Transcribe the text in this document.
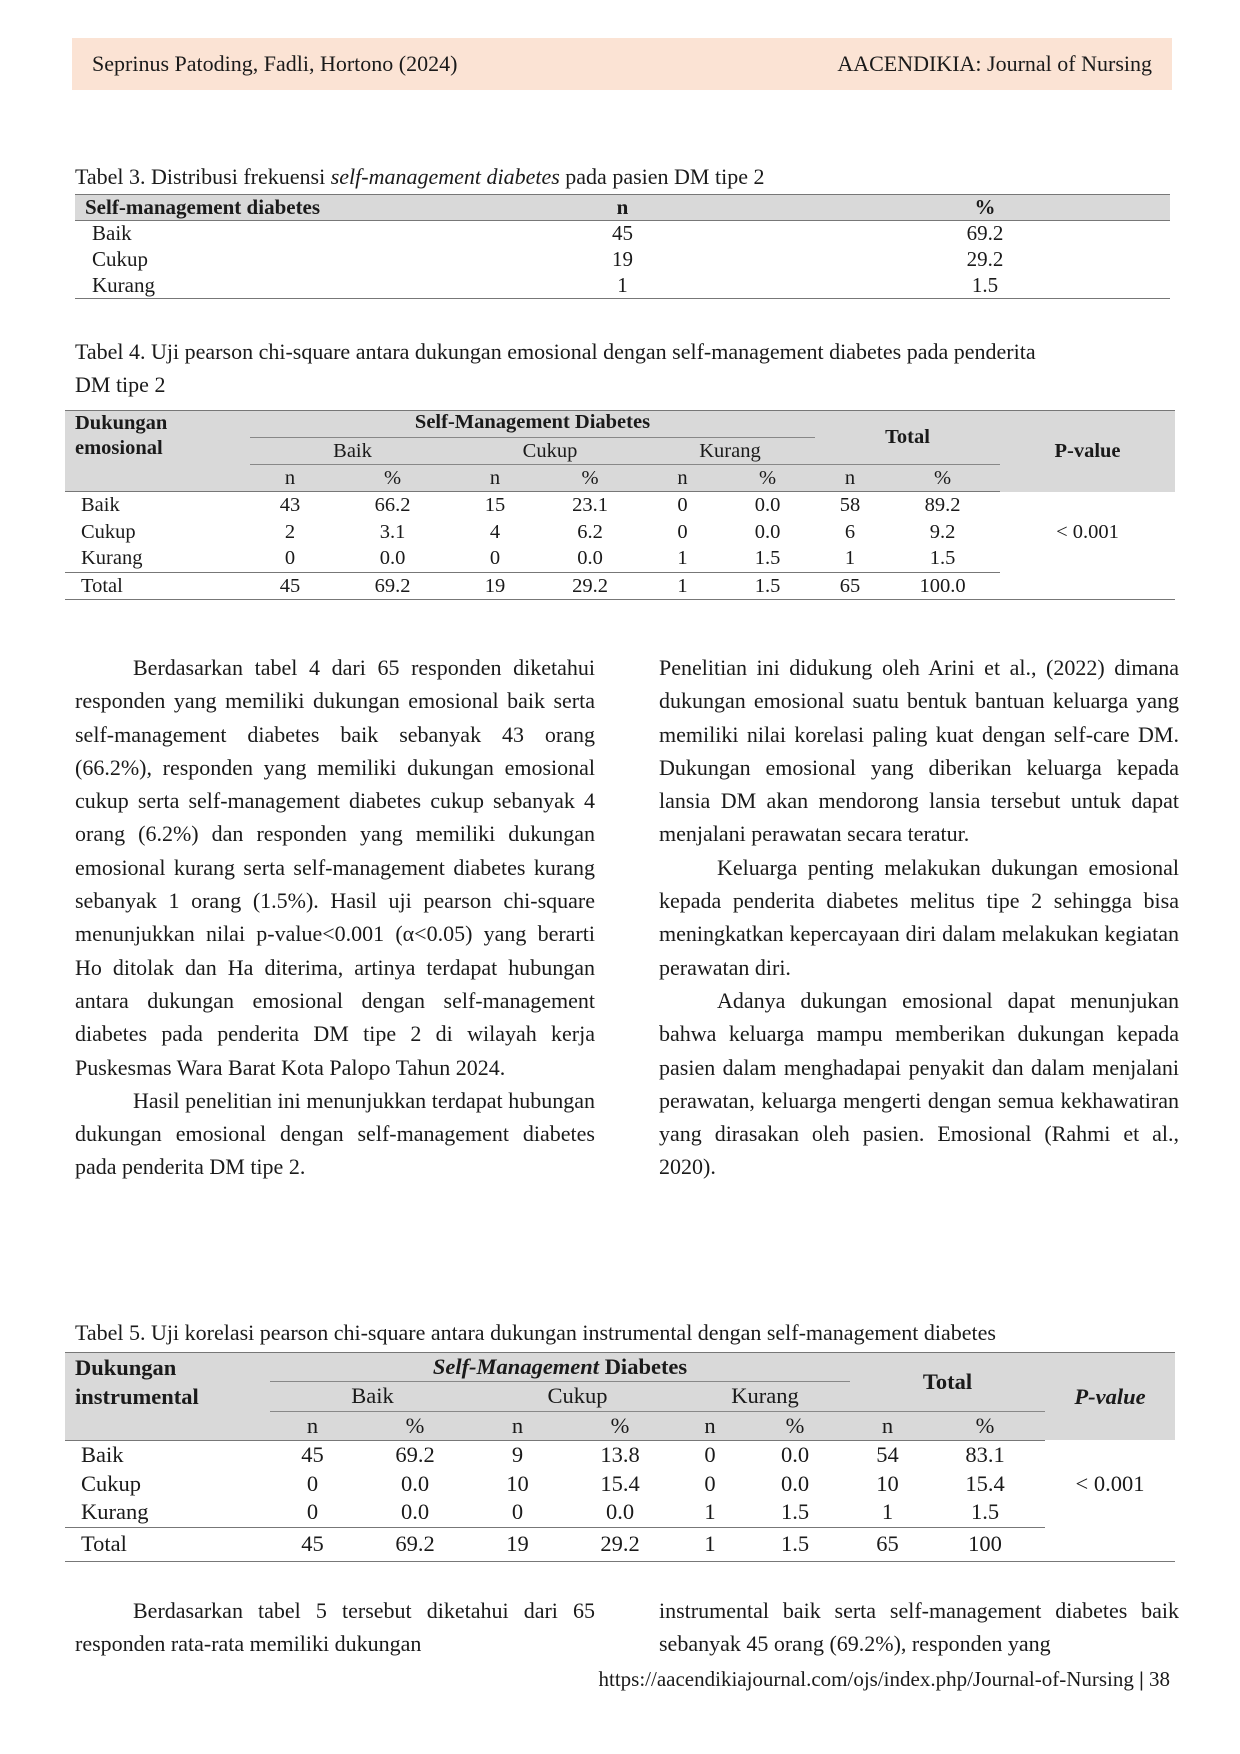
Seprinus Patoding, Fadli, Hortono (2024)	AACENDIKIA: Journal of Nursing
Tabel 3. Distribusi frekuensi self-management diabetes pada pasien DM tipe 2
Self-management diabetes	n	%
Baik	45	69.2
Cukup	19	29.2
Kurang	1	1.5
Tabel 4. Uji pearson chi-square antara dukungan emosional dengan self-management diabetes pada penderita
DM tipe 2
Dukungan
emosional	Self-Management Diabetes						Total		P-value
	Baik		Cukup		Kurang				
	n	%	n	%	n	%	n	%	
Baik	43	66.2	15	23.1	0	0.0	58	89.2	< 0.001
Cukup	2	3.1	4	6.2	0	0.0	6	9.2	
Kurang	0	0.0	0	0.0	1	1.5	1	1.5	
Total	45	69.2	19	29.2	1	1.5	65	100.0	

Berdasarkan tabel 4 dari 65 responden diketahui responden yang memiliki dukungan emosional baik serta self-management diabetes baik sebanyak 43 orang (66.2%), responden yang memiliki dukungan emosional cukup serta self-management diabetes cukup sebanyak 4 orang (6.2%) dan responden yang memiliki dukungan emosional kurang serta self-management diabetes kurang sebanyak 1 orang (1.5%). Hasil uji pearson chi-square menunjukkan nilai p-value<0.001 (α<0.05) yang berarti Ho ditolak dan Ha diterima, artinya terdapat hubungan antara dukungan emosional dengan self-management diabetes pada penderita DM tipe 2 di wilayah kerja Puskesmas Wara Barat Kota Palopo Tahun 2024.

Hasil penelitian ini menunjukkan terdapat hubungan dukungan emosional dengan self-management diabetes pada penderita DM tipe 2.

Penelitian ini didukung oleh Arini et al., (2022) dimana dukungan emosional suatu bentuk bantuan keluarga yang memiliki nilai korelasi paling kuat dengan self-care DM. Dukungan emosional yang diberikan keluarga kepada lansia DM akan mendorong lansia tersebut untuk dapat menjalani perawatan secara teratur.

Keluarga penting melakukan dukungan emosional kepada penderita diabetes melitus tipe 2 sehingga bisa meningkatkan kepercayaan diri dalam melakukan kegiatan perawatan diri.

Adanya dukungan emosional dapat menunjukan bahwa keluarga mampu memberikan dukungan kepada pasien dalam menghadapai penyakit dan dalam menjalani perawatan, keluarga mengerti dengan semua kekhawatiran yang dirasakan oleh pasien. Emosional (Rahmi et al., 2020).

Tabel 5. Uji korelasi pearson chi-square antara dukungan instrumental dengan self-management diabetes
Dukungan
instrumental	Self-Management Diabetes						Total		P-value
	Baik		Cukup		Kurang				
	n	%	n	%	n	%	n	%	
Baik	45	69.2	9	13.8	0	0.0	54	83.1	< 0.001
Cukup	0	0.0	10	15.4	0	0.0	10	15.4	
Kurang	0	0.0	0	0.0	1	1.5	1	1.5	
Total	45	69.2	19	29.2	1	1.5	65	100	

Berdasarkan tabel 5 tersebut diketahui dari 65 responden rata-rata memiliki dukungan

instrumental baik serta self-management diabetes baik sebanyak 45 orang (69.2%), responden yang

https://aacendikiajournal.com/ojs/index.php/Journal-of-Nursing | 38
